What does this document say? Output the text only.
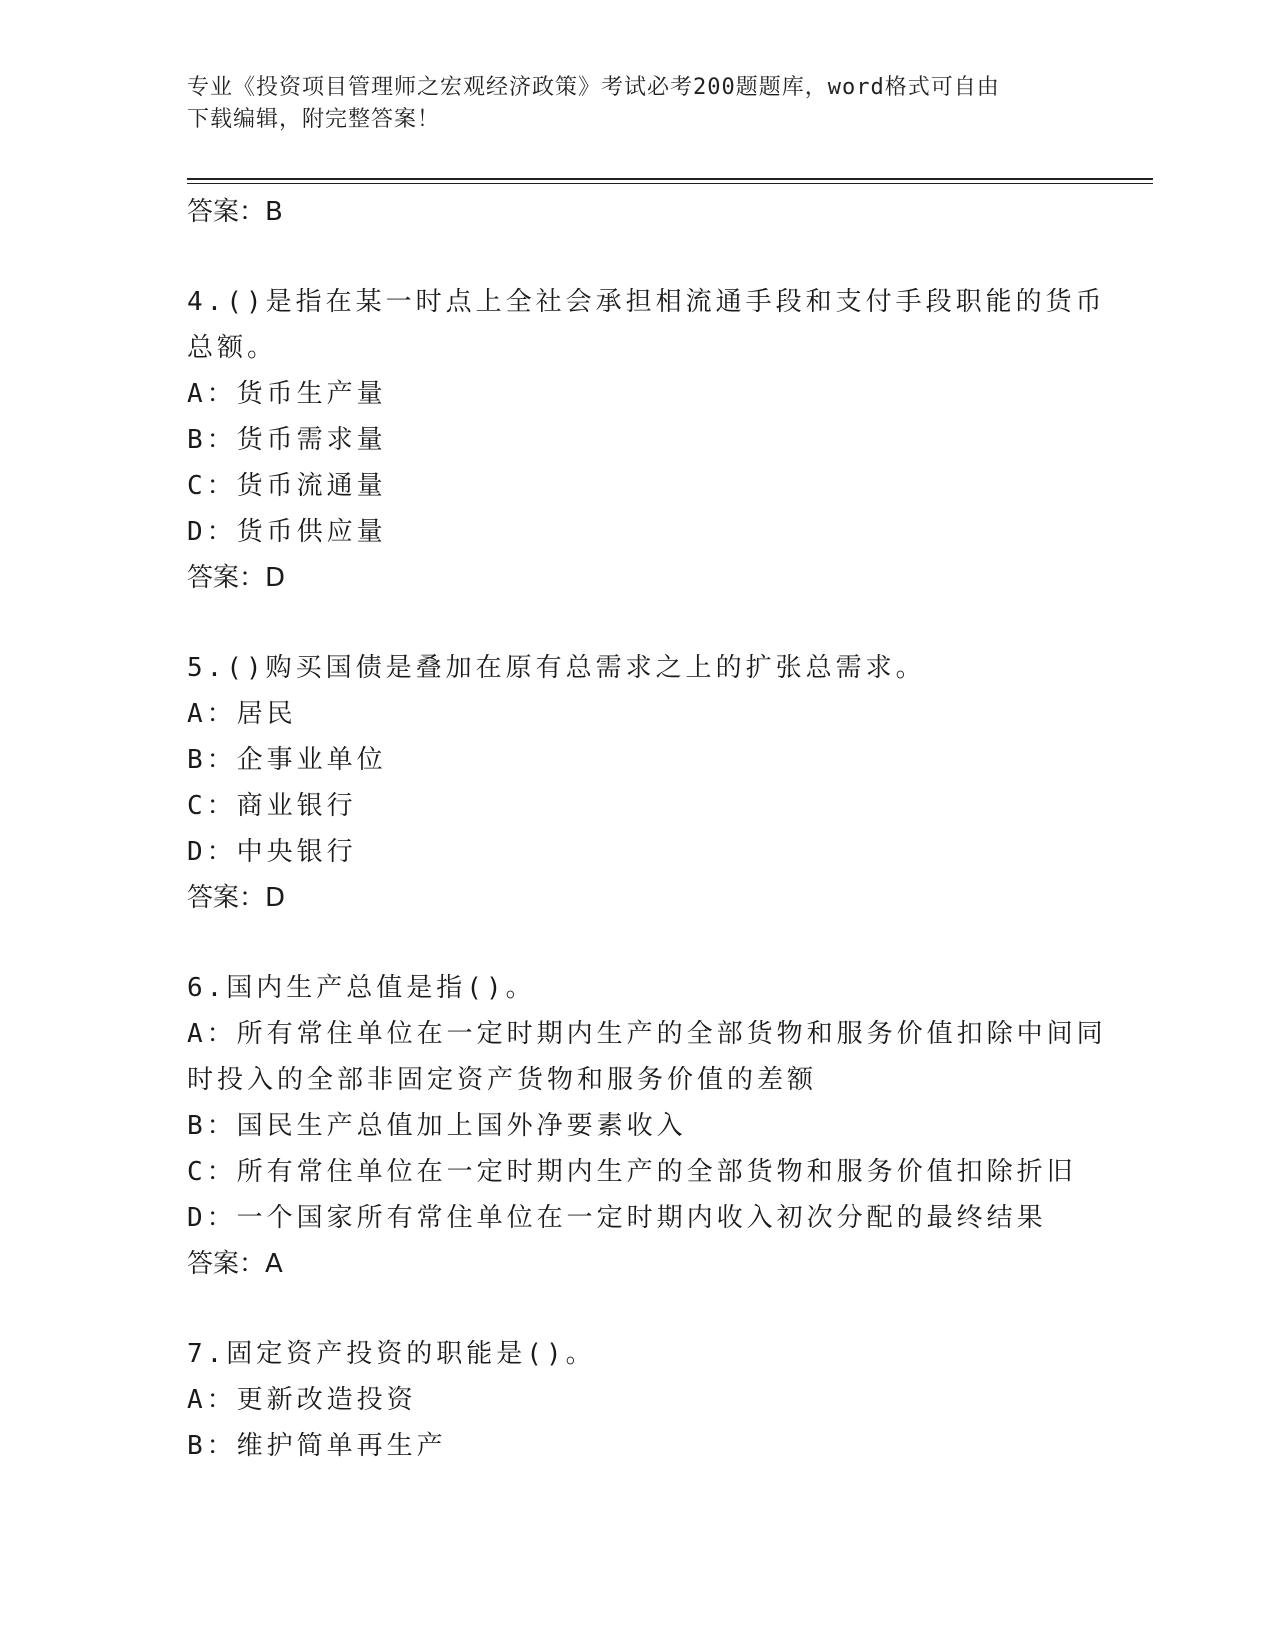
专业《投资项目管理师之宏观经济政策》考试必考200题题库，word格式可自由
下载编辑，附完整答案！
答案：B
4.()是指在某一时点上全社会承担相流通手段和支付手段职能的货币
总额。
A：货币生产量
B：货币需求量
C：货币流通量
D：货币供应量
答案：D
5.()购买国债是叠加在原有总需求之上的扩张总需求。
A：居民
B：企事业单位
C：商业银行
D：中央银行
答案：D
6.国内生产总值是指()。
A：所有常住单位在一定时期内生产的全部货物和服务价值扣除中间同
时投入的全部非固定资产货物和服务价值的差额
B：国民生产总值加上国外净要素收入
C：所有常住单位在一定时期内生产的全部货物和服务价值扣除折旧
D：一个国家所有常住单位在一定时期内收入初次分配的最终结果
答案：A
7.固定资产投资的职能是()。
A：更新改造投资
B：维护简单再生产
